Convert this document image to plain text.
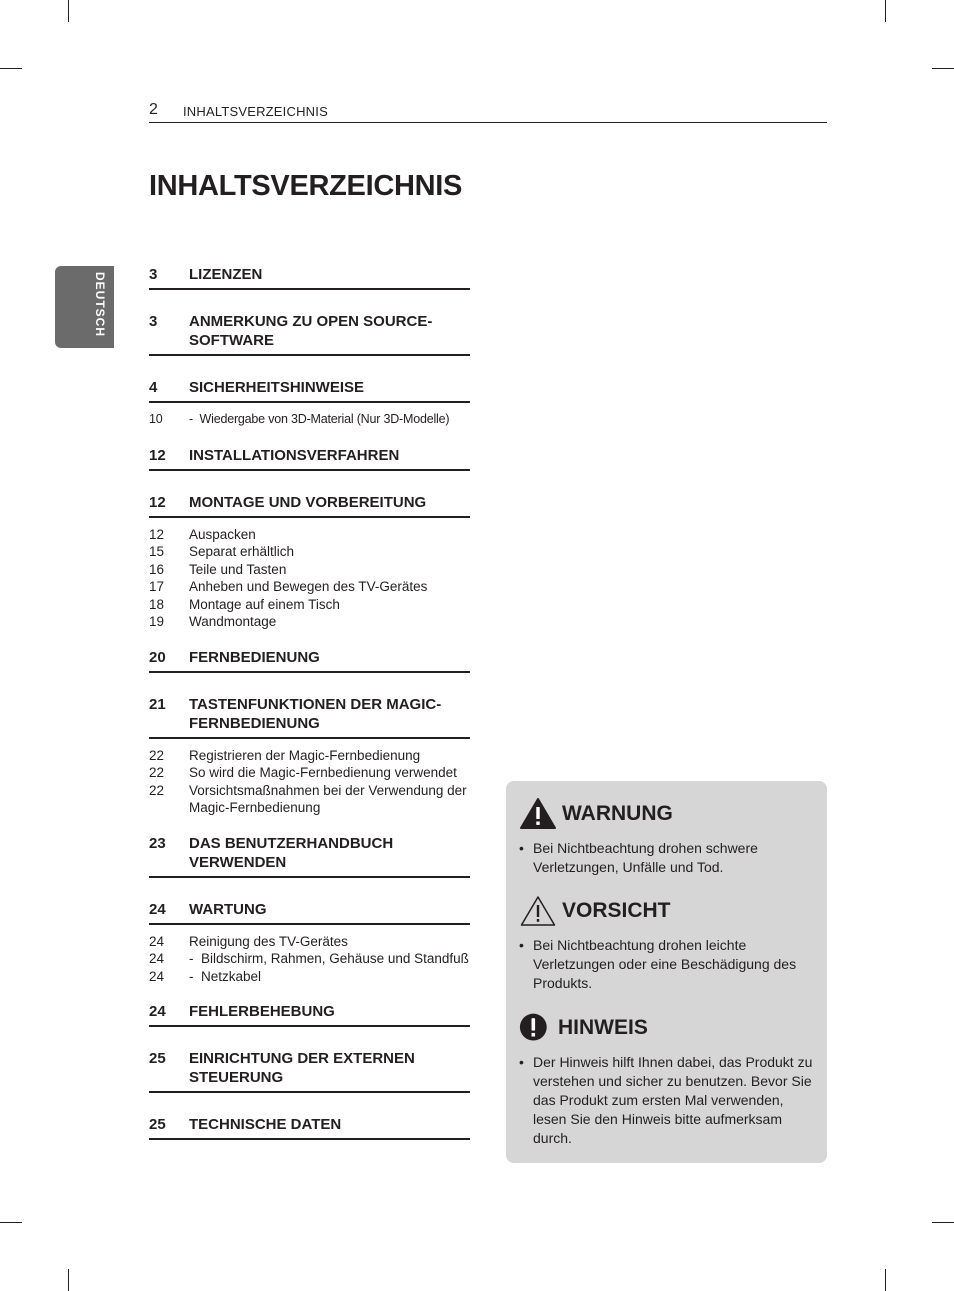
2 INHALTSVERZEICHNIS
INHALTSVERZEICHNIS
DEUTSCH	3	LIZENZEN
3	ANMERKUNG ZU OPEN SOURCE-SOFTWARE
4	SICHERHEITSHINWEISE
10	-  Wiedergabe von 3D-Material (Nur 3D-Modelle)
12	INSTALLATIONSVERFAHREN
12	MONTAGE UND VORBEREITUNG
12	Auspacken
15	Separat erhältlich
16	Teile und Tasten
17	Anheben und Bewegen des TV-Gerätes
18	Montage auf einem Tisch
19	Wandmontage
20	FERNBEDIENUNG
21	TASTENFUNKTIONEN DER MAGIC-FERNBEDIENUNG
22	Registrieren der Magic-Fernbedienung
22	So wird die Magic-Fernbedienung verwendet
22	Vorsichtsmaßnahmen bei der Verwendung der Magic-Fernbedienung
23	DAS BENUTZERHANDBUCH VERWENDEN
24	WARTUNG
24	Reinigung des TV-Gerätes
24	-  Bildschirm, Rahmen, Gehäuse und Standfuß
24	-  Netzkabel
24	FEHLERBEHEBUNG
25	EINRICHTUNG DER EXTERNEN STEUERUNG
25	TECHNISCHE DATEN
WARNUNG
• Bei Nichtbeachtung drohen schwere Verletzungen, Unfälle und Tod.
VORSICHT
• Bei Nichtbeachtung drohen leichte Verletzungen oder eine Beschädigung des Produkts.
HINWEIS
• Der Hinweis hilft Ihnen dabei, das Produkt zu verstehen und sicher zu benutzen. Bevor Sie das Produkt zum ersten Mal verwenden, lesen Sie den Hinweis bitte aufmerksam durch.
